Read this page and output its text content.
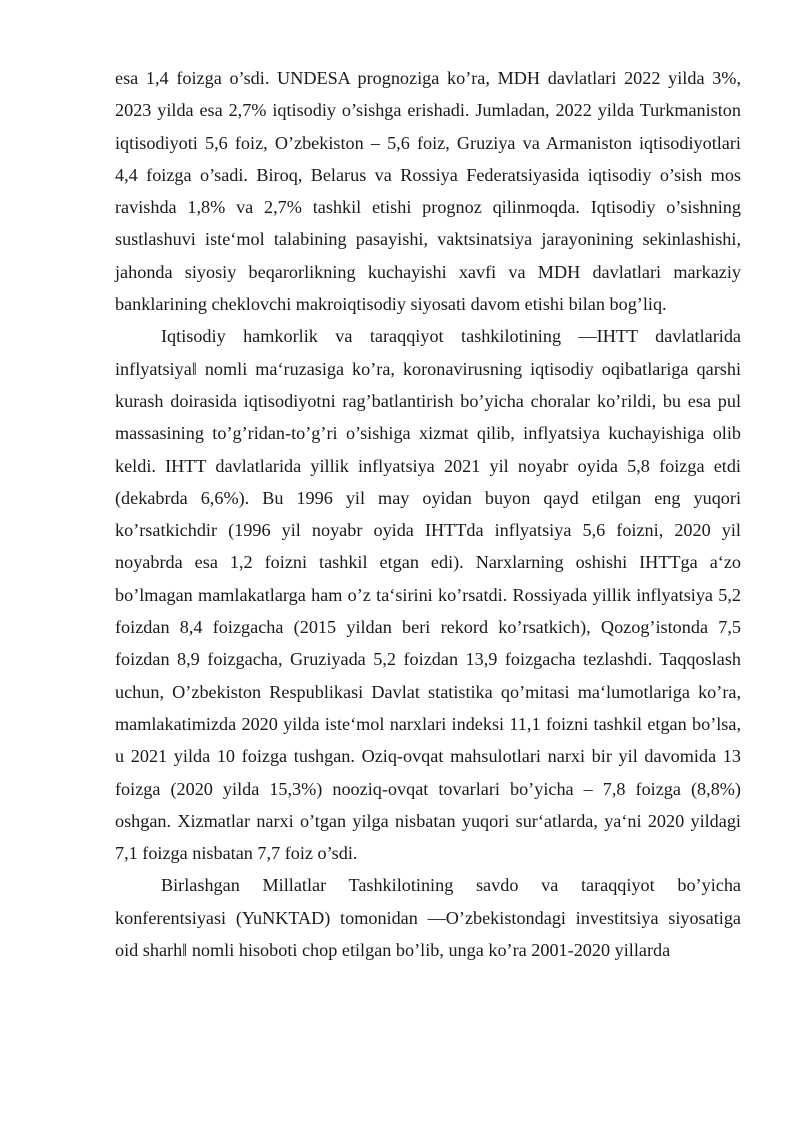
esa 1,4 foizga o’sdi. UNDESA prognoziga ko’ra, MDH davlatlari 2022 yilda 3%, 2023 yilda esa 2,7% iqtisodiy o’sishga erishadi. Jumladan, 2022 yilda Turkmaniston iqtisodiyoti 5,6 foiz, O’zbekiston – 5,6 foiz, Gruziya va Armaniston iqtisodiyotlari 4,4 foizga o’sadi. Biroq, Belarus va Rossiya Federatsiyasida iqtisodiy o’sish mos ravishda 1,8% va 2,7% tashkil etishi prognoz qilinmoqda. Iqtisodiy o’sishning sustlashuvi iste‘mol talabining pasayishi, vaktsinatsiya jarayonining sekinlashishi, jahonda siyosiy beqarorlikning kuchayishi xavfi va MDH davlatlari markaziy banklarining cheklovchi makroiqtisodiy siyosati davom etishi bilan bog’liq.

Iqtisodiy hamkorlik va taraqqiyot tashkilotining ―IHTT davlatlarida inflyatsiya‖ nomli ma‘ruzasiga ko’ra, koronavirusning iqtisodiy oqibatlariga qarshi kurash doirasida iqtisodiyotni rag’batlantirish bo’yicha choralar ko’rildi, bu esa pul massasining to’g’ridan-to’g’ri o’sishiga xizmat qilib, inflyatsiya kuchayishiga olib keldi. IHTT davlatlarida yillik inflyatsiya 2021 yil noyabr oyida 5,8 foizga etdi (dekabrda 6,6%). Bu 1996 yil may oyidan buyon qayd etilgan eng yuqori ko’rsatkichdir (1996 yil noyabr oyida IHTTda inflyatsiya 5,6 foizni, 2020 yil noyabrda esa 1,2 foizni tashkil etgan edi). Narxlarning oshishi IHTTga a‘zo bo’lmagan mamlakatlarga ham o’z ta‘sirini ko’rsatdi. Rossiyada yillik inflyatsiya 5,2 foizdan 8,4 foizgacha (2015 yildan beri rekord ko’rsatkich), Qozog’istonda 7,5 foizdan 8,9 foizgacha, Gruziyada 5,2 foizdan 13,9 foizgacha tezlashdi. Taqqoslash uchun, O’zbekiston Respublikasi Davlat statistika qo’mitasi ma‘lumotlariga ko’ra, mamlakatimizda 2020 yilda iste‘mol narxlari indeksi 11,1 foizni tashkil etgan bo’lsa, u 2021 yilda 10 foizga tushgan. Oziq-ovqat mahsulotlari narxi bir yil davomida 13 foizga (2020 yilda 15,3%) nooziq-ovqat tovarlari bo’yicha – 7,8 foizga (8,8%) oshgan. Xizmatlar narxi o’tgan yilga nisbatan yuqori sur‘atlarda, ya‘ni 2020 yildagi 7,1 foizga nisbatan 7,7 foiz o’sdi.

Birlashgan Millatlar Tashkilotining savdo va taraqqiyot bo’yicha konferentsiyasi (YuNKTAD) tomonidan ―O’zbekistondagi investitsiya siyosatiga oid sharh‖ nomli hisoboti chop etilgan bo’lib, unga ko’ra 2001-2020 yillarda
